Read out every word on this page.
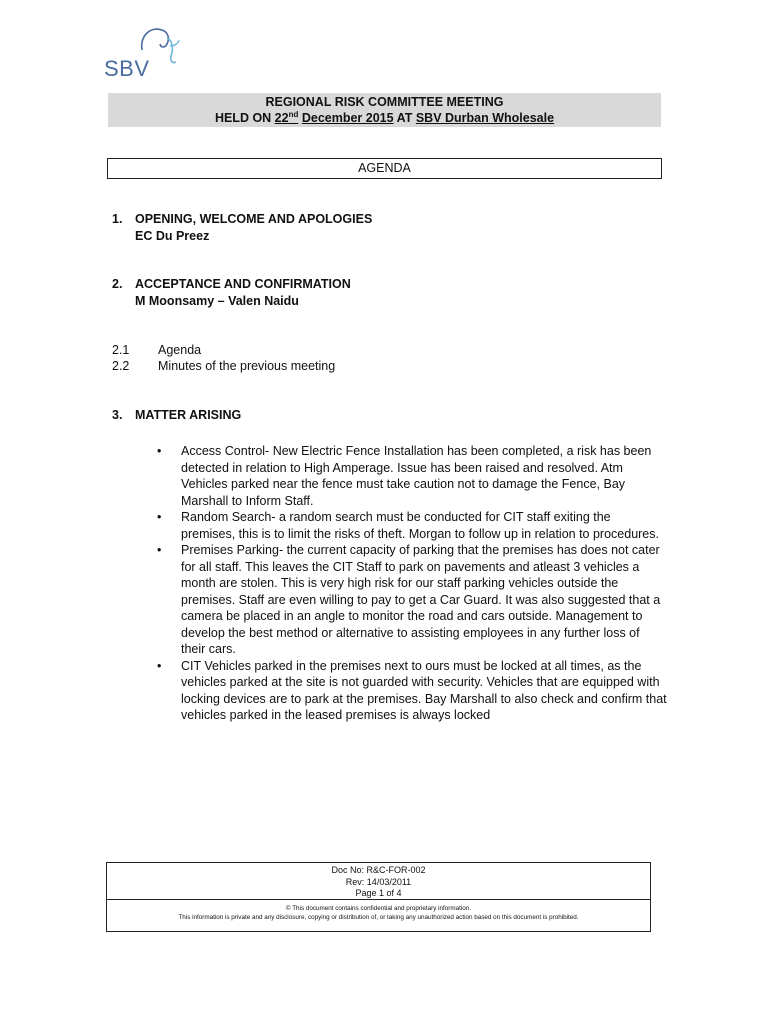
SBV
REGIONAL RISK COMMITTEE MEETING
HELD ON 22nd December 2015 AT SBV Durban Wholesale
AGENDA
1. OPENING, WELCOME AND APOLOGIES
EC Du Preez
2. ACCEPTANCE AND CONFIRMATION
M Moonsamy – Valen Naidu
2.1 Agenda
2.2 Minutes of the previous meeting
3. MATTER ARISING
• Access Control- New Electric Fence Installation has been completed, a risk has been detected in relation to High Amperage. Issue has been raised and resolved. Atm Vehicles parked near the fence must take caution not to damage the Fence, Bay Marshall to Inform Staff.
• Random Search- a random search must be conducted for CIT staff exiting the premises, this is to limit the risks of theft. Morgan to follow up in relation to procedures.
• Premises Parking- the current capacity of parking that the premises has does not cater for all staff. This leaves the CIT Staff to park on pavements and atleast 3 vehicles a month are stolen. This is very high risk for our staff parking vehicles outside the premises. Staff are even willing to pay to get a Car Guard. It was also suggested that a camera be placed in an angle to monitor the road and cars outside. Management to develop the best method or alternative to assisting employees in any further loss of their cars.
• CIT Vehicles parked in the premises next to ours must be locked at all times, as the vehicles parked at the site is not guarded with security. Vehicles that are equipped with locking devices are to park at the premises. Bay Marshall to also check and confirm that vehicles parked in the leased premises is always locked
Doc No: R&C-FOR-002
Rev: 14/03/2011
Page 1 of 4
© This document contains confidential and proprietary information.
This information is private and any disclosure, copying or distribution of, or taking any unauthorized action based on this document is prohibited.
